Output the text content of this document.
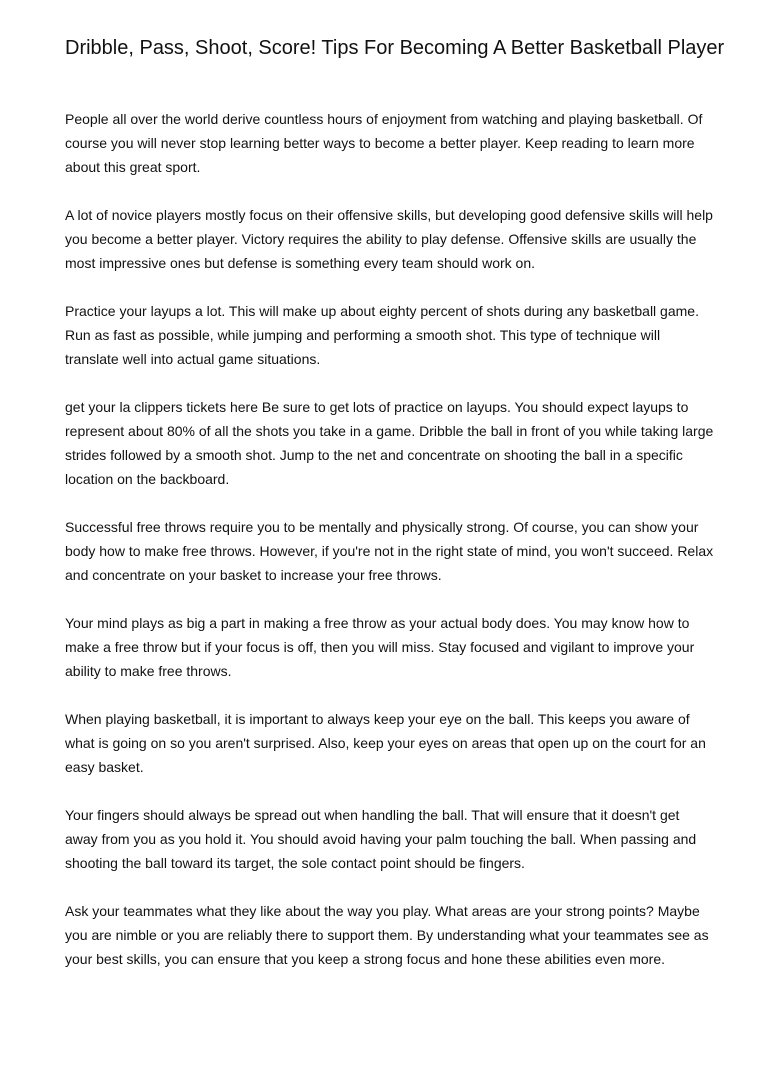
Dribble, Pass, Shoot, Score! Tips For Becoming A Better Basketball Player

People all over the world derive countless hours of enjoyment from watching and playing basketball. Of course you will never stop learning better ways to become a better player. Keep reading to learn more about this great sport.

A lot of novice players mostly focus on their offensive skills, but developing good defensive skills will help you become a better player. Victory requires the ability to play defense. Offensive skills are usually the most impressive ones but defense is something every team should work on.

Practice your layups a lot. This will make up about eighty percent of shots during any basketball game. Run as fast as possible, while jumping and performing a smooth shot. This type of technique will translate well into actual game situations.

get your la clippers tickets here Be sure to get lots of practice on layups. You should expect layups to represent about 80% of all the shots you take in a game. Dribble the ball in front of you while taking large strides followed by a smooth shot. Jump to the net and concentrate on shooting the ball in a specific location on the backboard.

Successful free throws require you to be mentally and physically strong. Of course, you can show your body how to make free throws. However, if you're not in the right state of mind, you won't succeed. Relax and concentrate on your basket to increase your free throws.

Your mind plays as big a part in making a free throw as your actual body does. You may know how to make a free throw but if your focus is off, then you will miss. Stay focused and vigilant to improve your ability to make free throws.

When playing basketball, it is important to always keep your eye on the ball. This keeps you aware of what is going on so you aren't surprised. Also, keep your eyes on areas that open up on the court for an easy basket.

Your fingers should always be spread out when handling the ball. That will ensure that it doesn't get away from you as you hold it. You should avoid having your palm touching the ball. When passing and shooting the ball toward its target, the sole contact point should be fingers.

Ask your teammates what they like about the way you play. What areas are your strong points? Maybe you are nimble or you are reliably there to support them. By understanding what your teammates see as your best skills, you can ensure that you keep a strong focus and hone these abilities even more.
